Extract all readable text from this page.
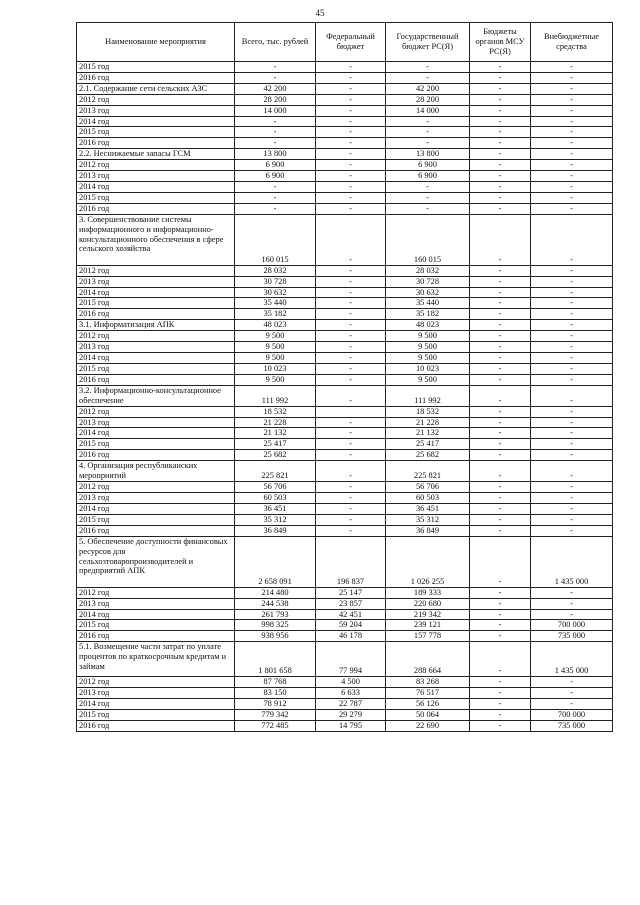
45
Наименование мероприятия	Всего, тыс. рублей	Федеральный бюджет	Государственный бюджет РС(Я)	Бюджеты органов МСУ РС(Я)	Внебюджетные средства
2015 год	-	-	-	-	-
2016 год	-	-	-	-	-
2.1. Содержание сети сельских АЗС	42 200	-	42 200	-	-
2012 год	28 200	-	28 200	-	-
2013 год	14 000	-	14 000	-	-
2014 год	-	-	-	-	-
2015 год	-	-	-	-	-
2016 год	-	-	-	-	-
2.2. Неснижаемые запасы ГСМ	13 800	-	13 800	-	-
2012 год	6 900	-	6 900	-	-
2013 год	6 900	-	6 900	-	-
2014 год	-	-	-	-	-
2015 год	-	-	-	-	-
2016 год	-	-	-	-	-
3. Совершенствование системы информационного и информационно-консультационного обеспечения в сфере сельского хозяйства	160 015	-	160 015	-	-
2012 год	28 032	-	28 032	-	-
2013 год	30 728	-	30 728	-	-
2014 год	30 632	-	30 632	-	-
2015 год	35 440	-	35 440	-	-
2016 год	35 182	-	35 182	-	-
3.1. Информатизация АПК	48 023	-	48 023	-	-
2012 год	9 500	-	9 500	-	-
2013 год	9 500	-	9 500	-	-
2014 год	9 500	-	9 500	-	-
2015 год	10 023	-	10 023	-	-
2016 год	9 500	-	9 500	-	-
3.2. Информационно-консультационное обеспечение	111 992	-	111 992	-	-
2012 год	18 532		18 532	-	-
2013 год	21 228	-	21 228	-	-
2014 год	21 132	-	21 132	-	-
2015 год	25 417	-	25 417	-	-
2016 год	25 682	-	25 682	-	-
4. Организация республиканских мероприятий	225 821	-	225 821	-	-
2012 год	56 706	-	56 706	-	-
2013 год	60 503	-	60 503	-	-
2014 год	36 451	-	36 451	-	-
2015 год	35 312	-	35 312	-	-
2016 год	36 849	-	36 849	-	-
5. Обеспечение доступности финансовых ресурсов для сельхозтоваропроизводителей и предприятий АПК	2 658 091	196 837	1 026 255	-	1 435 000
2012 год	214 480	25 147	189 333	-	-
2013 год	244 538	23 857	220 680	-	-
2014 год	261 793	42 451	219 342	-	-
2015 год	998 325	59 204	239 121	-	700 000
2016 год	938 956	46 178	157 778	-	735 000
5.1. Возмещение части затрат по уплате процентов по краткосрочным кредитам и займам	1 801 658	77 994	288 664	-	1 435 000
2012 год	87 768	4 500	83 268	-	-
2013 год	83 150	6 633	76 517	-	-
2014 год	78 912	22 787	56 126	-	-
2015 год	779 342	29 279	50 064	-	700 000
2016 год	772 485	14 795	22 690	-	735 000
